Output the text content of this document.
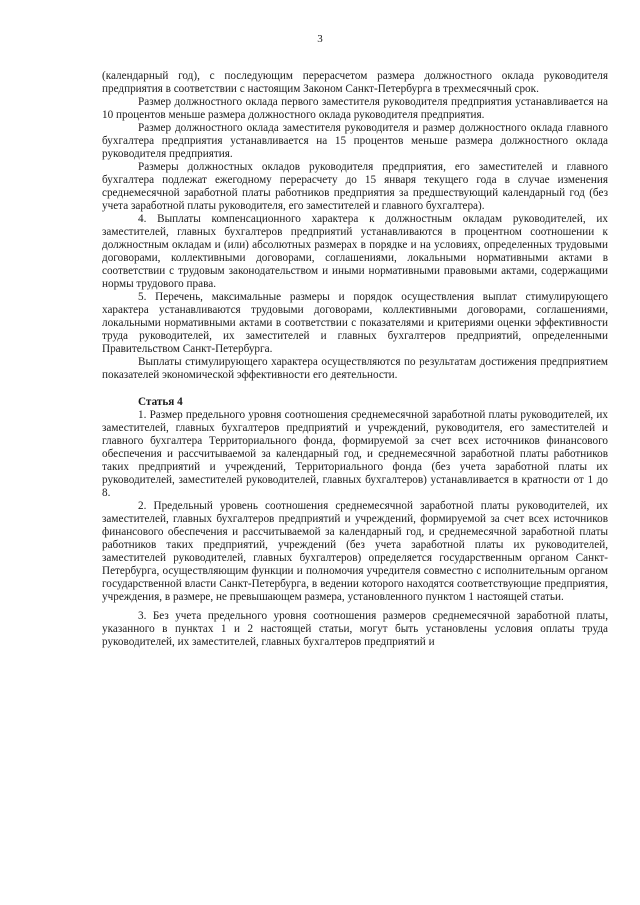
3

(календарный год), с последующим перерасчетом размера должностного оклада руководителя предприятия в соответствии с настоящим Законом Санкт-Петербурга в трехмесячный срок.

Размер должностного оклада первого заместителя руководителя предприятия устанавливается на 10 процентов меньше размера должностного оклада руководителя предприятия.

Размер должностного оклада заместителя руководителя и размер должностного оклада главного бухгалтера предприятия устанавливается на 15 процентов меньше размера должностного оклада руководителя предприятия.

Размеры должностных окладов руководителя предприятия, его заместителей и главного бухгалтера подлежат ежегодному перерасчету до 15 января текущего года в случае изменения среднемесячной заработной платы работников предприятия за предшествующий календарный год (без учета заработной платы руководителя, его заместителей и главного бухгалтера).

4. Выплаты компенсационного характера к должностным окладам руководителей, их заместителей, главных бухгалтеров предприятий устанавливаются в процентном соотношении к должностным окладам и (или) абсолютных размерах в порядке и на условиях, определенных трудовыми договорами, коллективными договорами, соглашениями, локальными нормативными актами в соответствии с трудовым законодательством и иными нормативными правовыми актами, содержащими нормы трудового права.

5. Перечень, максимальные размеры и порядок осуществления выплат стимулирующего характера устанавливаются трудовыми договорами, коллективными договорами, соглашениями, локальными нормативными актами в соответствии с показателями и критериями оценки эффективности труда руководителей, их заместителей и главных бухгалтеров предприятий, определенными Правительством Санкт-Петербурга.

Выплаты стимулирующего характера осуществляются по результатам достижения предприятием показателей экономической эффективности его деятельности.

Статья 4

1. Размер предельного уровня соотношения среднемесячной заработной платы руководителей, их заместителей, главных бухгалтеров предприятий и учреждений, руководителя, его заместителей и главного бухгалтера Территориального фонда, формируемой за счет всех источников финансового обеспечения и рассчитываемой за календарный год, и среднемесячной заработной платы работников таких предприятий и учреждений, Территориального фонда (без учета заработной платы их руководителей, заместителей руководителей, главных бухгалтеров) устанавливается в кратности от 1 до 8.

2. Предельный уровень соотношения среднемесячной заработной платы руководителей, их заместителей, главных бухгалтеров предприятий и учреждений, формируемой за счет всех источников финансового обеспечения и рассчитываемой за календарный год, и среднемесячной заработной платы работников таких предприятий, учреждений (без учета заработной платы их руководителей, заместителей руководителей, главных бухгалтеров) определяется государственным органом Санкт-Петербурга, осуществляющим функции и полномочия учредителя совместно с исполнительным органом государственной власти Санкт-Петербурга, в ведении которого находятся соответствующие предприятия, учреждения, в размере, не превышающем размера, установленного пунктом 1 настоящей статьи.

3. Без учета предельного уровня соотношения размеров среднемесячной заработной платы, указанного в пунктах 1 и 2 настоящей статьи, могут быть установлены условия оплаты труда руководителей, их заместителей, главных бухгалтеров предприятий и
